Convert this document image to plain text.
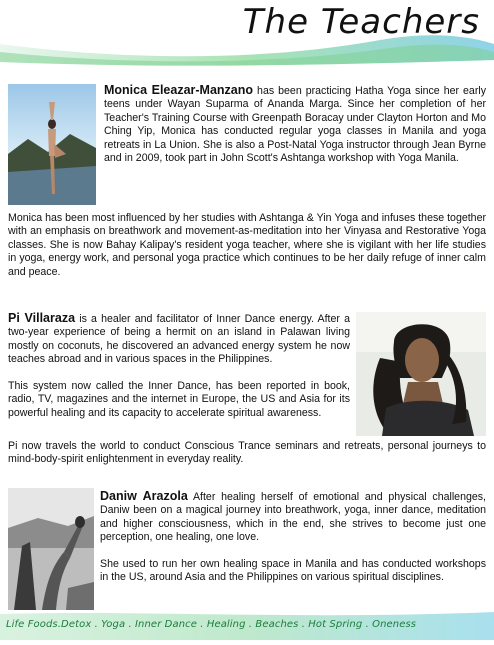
The Teachers

Monica Eleazar-Manzano has been practicing Hatha Yoga since her early teens under Wayan Suparma of Ananda Marga. Since her completion of her Teacher's Training Course with Greenpath Boracay under Clayton Horton and Mo Ching Yip, Monica has conducted regular yoga classes in Manila and yoga retreats in La Union. She is also a Post-Natal Yoga instructor through Jean Byrne and in 2009, took part in John Scott's Ashtanga workshop with Yoga Manila.

Monica has been most influenced by her studies with Ashtanga & Yin Yoga and infuses these together with an emphasis on breathwork and movement-as-meditation into her Vinyasa and Restorative Yoga classes. She is now Bahay Kalipay's resident yoga teacher, where she is vigilant with her life studies in yoga, energy work, and personal yoga practice which continues to be her daily refuge of inner calm and peace.

Pi Villaraza is a healer and facilitator of Inner Dance energy. After a two-year experience of being a hermit on an island in Palawan living mostly on coconuts, he discovered an advanced energy system he now teaches abroad and in various spaces in the Philippines.

This system now called the Inner Dance, has been reported in book, radio, TV, magazines and the internet in Europe, the US and Asia for its powerful healing and its capacity to accelerate spiritual awareness.

Pi now travels the world to conduct Conscious Trance seminars and retreats, personal journeys to mind-body-spirit enlightenment in everyday reality.

Daniw Arazola After healing herself of emotional and physical challenges, Daniw been on a magical journey into breathwork, yoga, inner dance, meditation and higher consciousness, which in the end, she strives to become just one perception, one healing, one love.

She used to run her own healing space in Manila and has conducted workshops in the US, around Asia and the Philippines on various spiritual disciplines.

Life Foods.Detox . Yoga . Inner Dance . Healing . Beaches . Hot Spring . Oneness
